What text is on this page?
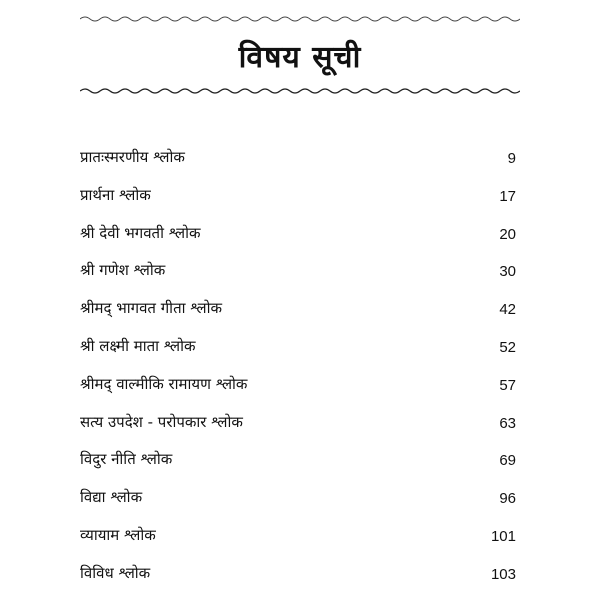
विषय सूची
प्रातःस्मरणीय श्लोक	9
प्रार्थना श्लोक	17
श्री देवी भगवती श्लोक	20
श्री गणेश श्लोक	30
श्रीमद् भागवत गीता श्लोक	42
श्री लक्ष्मी माता श्लोक	52
श्रीमद् वाल्मीकि रामायण श्लोक	57
सत्य उपदेश - परोपकार श्लोक	63
विदुर नीति श्लोक	69
विद्या श्लोक	96
व्यायाम श्लोक	101
विविध श्लोक	103
